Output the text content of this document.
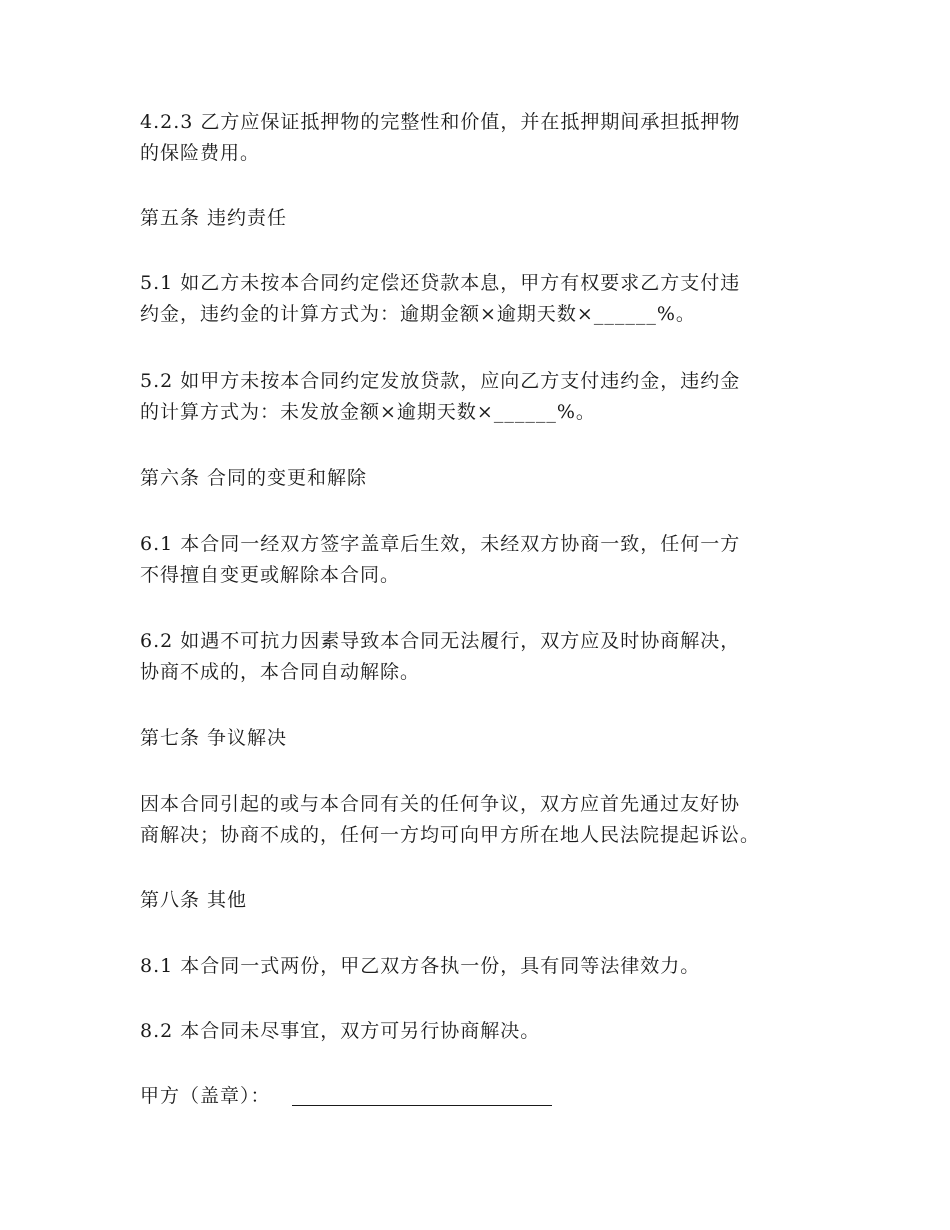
4.2.3 乙方应保证抵押物的完整性和价值，并在抵押期间承担抵押物

的保险费用。

第五条 违约责任

5.1 如乙方未按本合同约定偿还贷款本息，甲方有权要求乙方支付违

约金，违约金的计算方式为：逾期金额×逾期天数×______%。

5.2 如甲方未按本合同约定发放贷款，应向乙方支付违约金，违约金

的计算方式为：未发放金额×逾期天数×______%。

第六条 合同的变更和解除

6.1 本合同一经双方签字盖章后生效，未经双方协商一致，任何一方

不得擅自变更或解除本合同。

6.2 如遇不可抗力因素导致本合同无法履行，双方应及时协商解决，

协商不成的，本合同自动解除。

第七条 争议解决

因本合同引起的或与本合同有关的任何争议，双方应首先通过友好协

商解决；协商不成的，任何一方均可向甲方所在地人民法院提起诉讼。

第八条 其他

8.1 本合同一式两份，甲乙双方各执一份，具有同等法律效力。

8.2 本合同未尽事宜，双方可另行协商解决。

甲方（盖章）：
